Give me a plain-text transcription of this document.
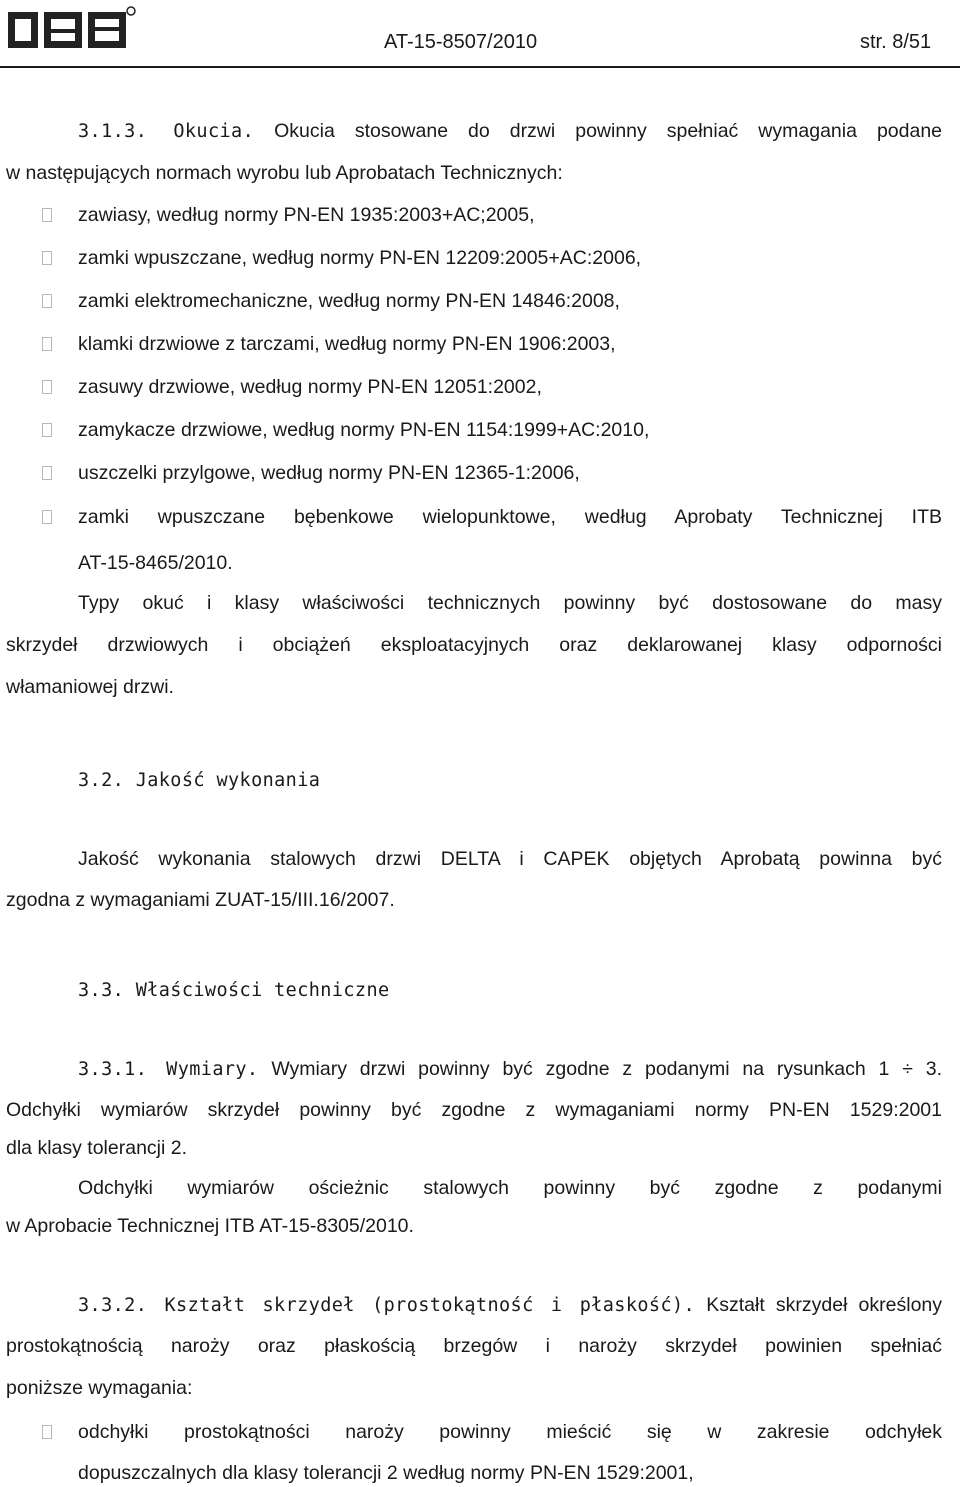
AT-15-8507/2010	str. 8/51
3.1.3. Okucia. Okucia stosowane do drzwi powinny spełniać wymagania podane
w następujących normach wyrobu lub Aprobatach Technicznych:
zawiasy, według normy PN-EN 1935:2003+AC;2005,
zamki wpuszczane, według normy PN-EN 12209:2005+AC:2006,
zamki elektromechaniczne, według normy PN-EN 14846:2008,
klamki drzwiowe z tarczami, według normy PN-EN 1906:2003,
zasuwy drzwiowe, według normy PN-EN 12051:2002,
zamykacze drzwiowe, według normy PN-EN 1154:1999+AC:2010,
uszczelki przylgowe, według normy PN-EN 12365-1:2006,
zamki wpuszczane bębenkowe wielopunktowe, według Aprobaty Technicznej ITB
AT-15-8465/2010.
Typy okuć i klasy właściwości technicznych powinny być dostosowane do masy
skrzydeł drzwiowych i obciążeń eksploatacyjnych oraz deklarowanej klasy odporności
włamaniowej drzwi.
3.2. Jakość wykonania
Jakość wykonania stalowych drzwi DELTA i CAPEK objętych Aprobatą powinna być
zgodna z wymaganiami ZUAT-15/III.16/2007.
3.3. Właściwości techniczne
3.3.1. Wymiary. Wymiary drzwi powinny być zgodne z podanymi na rysunkach 1 ÷ 3.
Odchyłki wymiarów skrzydeł powinny być zgodne z wymaganiami normy PN-EN 1529:2001
dla klasy tolerancji 2.
Odchyłki wymiarów ościeżnic stalowych powinny być zgodne z podanymi
w Aprobacie Technicznej ITB AT-15-8305/2010.
3.3.2. Kształt skrzydeł (prostokątność i płaskość). Kształt skrzydeł określony
prostokątnością naroży oraz płaskością brzegów i naroży skrzydeł powinien spełniać
poniższe wymagania:
odchyłki prostokątności naroży powinny mieścić się w zakresie odchyłek
dopuszczalnych dla klasy tolerancji 2 według normy PN-EN 1529:2001,
